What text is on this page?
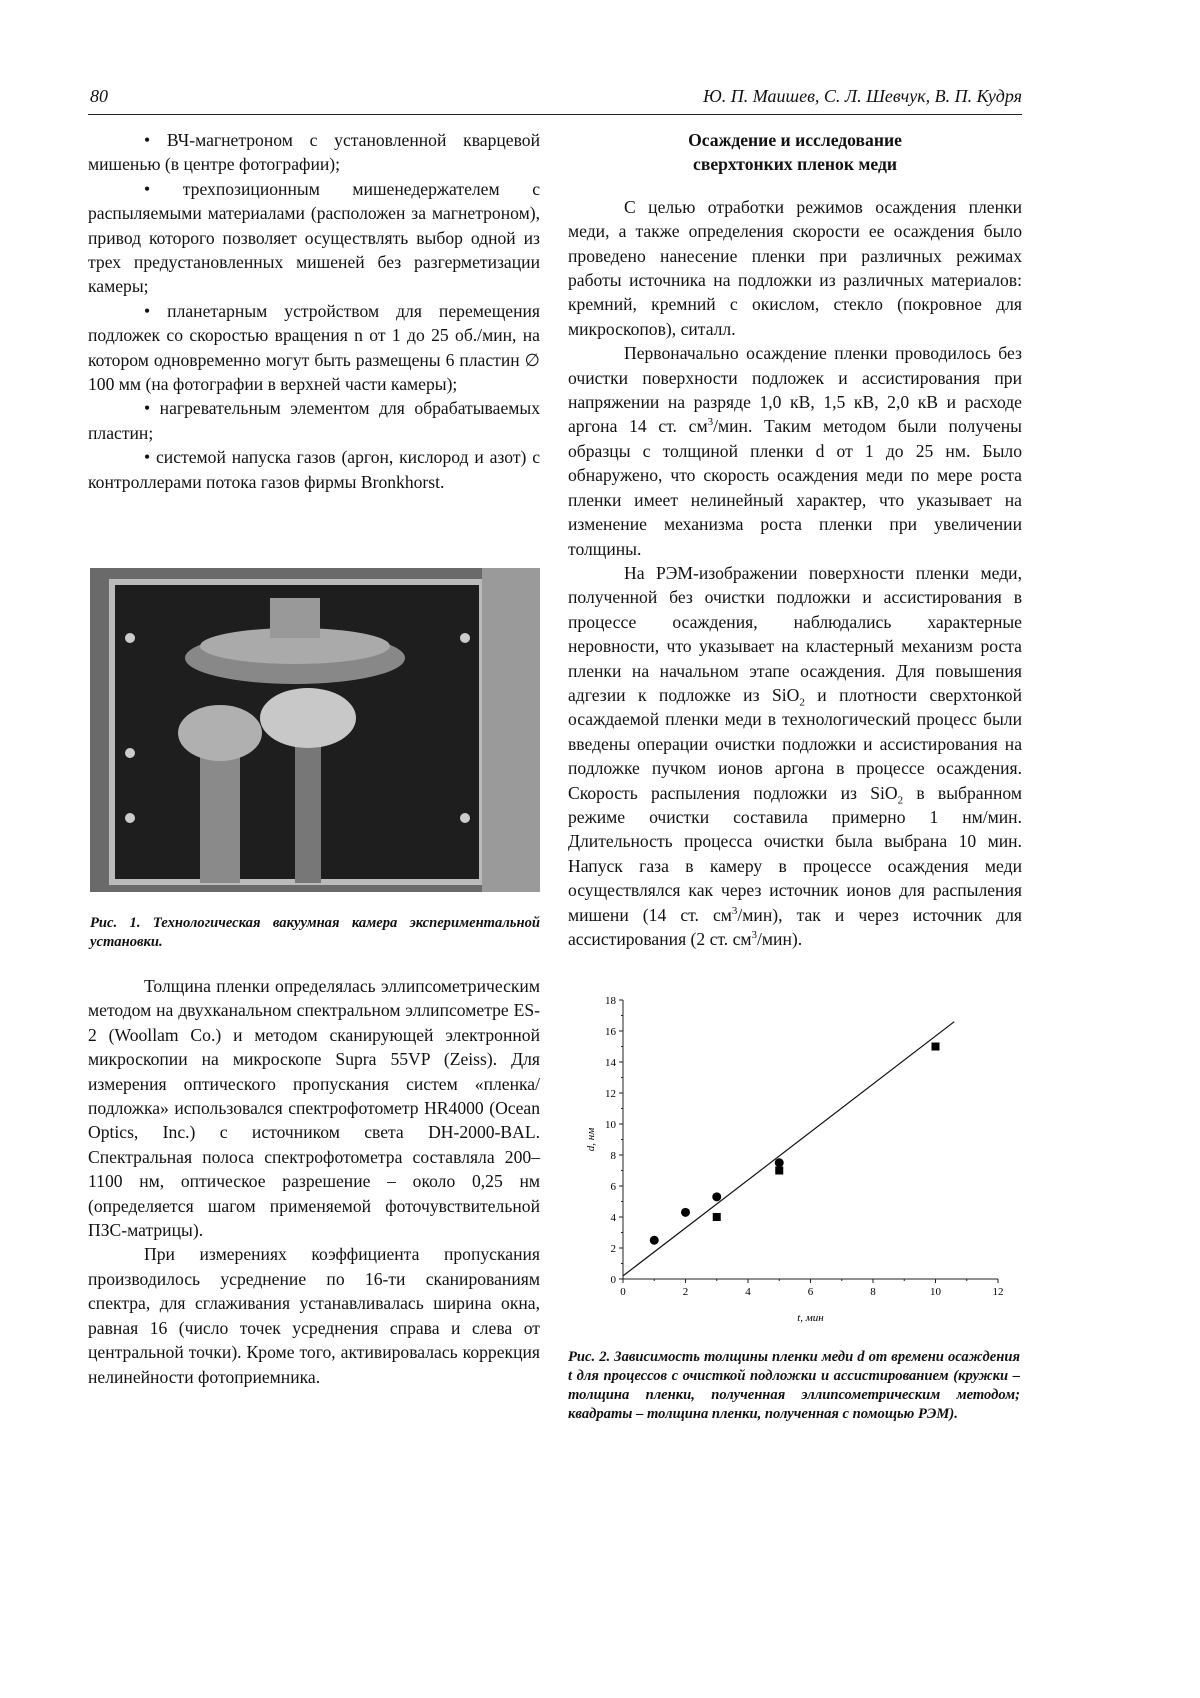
80	Ю. П. Маишев, С. Л. Шевчук, В. П. Кудря

• ВЧ-магнетроном с установленной кварцевой мишенью (в центре фотографии);

• трехпозиционным мишенедержателем с распыляемыми материалами (расположен за магнетроном), привод которого позволяет осуществлять выбор одной из трех предустановленных мишеней без разгерметизации камеры;

• планетарным устройством для перемещения подложек со скоростью вращения n от 1 до 25 об./мин, на котором одновременно могут быть размещены 6 пластин ∅ 100 мм (на фотографии в верхней части камеры);

• нагревательным элементом для обрабатываемых пластин;

• системой напуска газов (аргон, кислород и азот) с контроллерами потока газов фирмы Bronkhorst.

Рис. 1. Технологическая вакуумная камера экспериментальной установки.

Толщина пленки определялась эллипсометрическим методом на двухканальном спектральном эллипсометре ES-2 (Woollam Co.) и методом сканирующей электронной микроскопии на микроскопе Supra 55VP (Zeiss). Для измерения оптического пропускания систем «пленка/подложка» использовался спектрофотометр HR4000 (Ocean Optics, Inc.) с источником света DH-2000-BAL. Спектральная полоса спектрофотометра составляла 200–1100 нм, оптическое разрешение – около 0,25 нм (определяется шагом применяемой фоточувствительной ПЗС-матрицы).

При измерениях коэффициента пропускания производилось усреднение по 16-ти сканированиям спектра, для сглаживания устанавливалась ширина окна, равная 16 (число точек усреднения справа и слева от центральной точки). Кроме того, активировалась коррекция нелинейности фотоприемника.

Осаждение и исследование сверхтонких пленок меди

С целью отработки режимов осаждения пленки меди, а также определения скорости ее осаждения было проведено нанесение пленки при различных режимах работы источника на подложки из различных материалов: кремний, кремний с окислом, стекло (покровное для микроскопов), ситалл.

Первоначально осаждение пленки проводилось без очистки поверхности подложек и ассистирования при напряжении на разряде 1,0 кВ, 1,5 кВ, 2,0 кВ и расходе аргона 14 ст. $см^3$/мин. Таким методом были получены образцы с толщиной пленки d от 1 до 25 нм. Было обнаружено, что скорость осаждения меди по мере роста пленки имеет нелинейный характер, что указывает на изменение механизма роста пленки при увеличении толщины.

На РЭМ-изображении поверхности пленки меди, полученной без очистки подложки и ассистирования в процессе осаждения, наблюдались характерные неровности, что указывает на кластерный механизм роста пленки на начальном этапе осаждения. Для повышения адгезии к подложке из SiO$_2$ и плотности сверхтонкой осаждаемой пленки меди в технологический процесс были введены операции очистки подложки и ассистирования на подложке пучком ионов аргона в процессе осаждения. Скорость распыления подложки из SiO$_2$ в выбранном режиме очистки составила примерно 1 нм/мин. Длительность процесса очистки была выбрана 10 мин. Напуск газа в камеру в процессе осаждения меди осуществлялся как через источник ионов для распыления мишени (14 ст. $см^3/мин$), так и через источник для ассистирования (2 ст. $см^3/мин$).

0
2
4
6
8
10
12
14
16
18
0	2	4	6	8	10	12
t, мин
d, нм
Рис. 2. Зависимость толщины пленки меди d от времени осаждения t для процессов с очисткой подложки и ассистированием (кружки – толщина пленки, полученная эллипсометрическим методом; квадраты – толщина пленки, полученная с помощью РЭМ).
